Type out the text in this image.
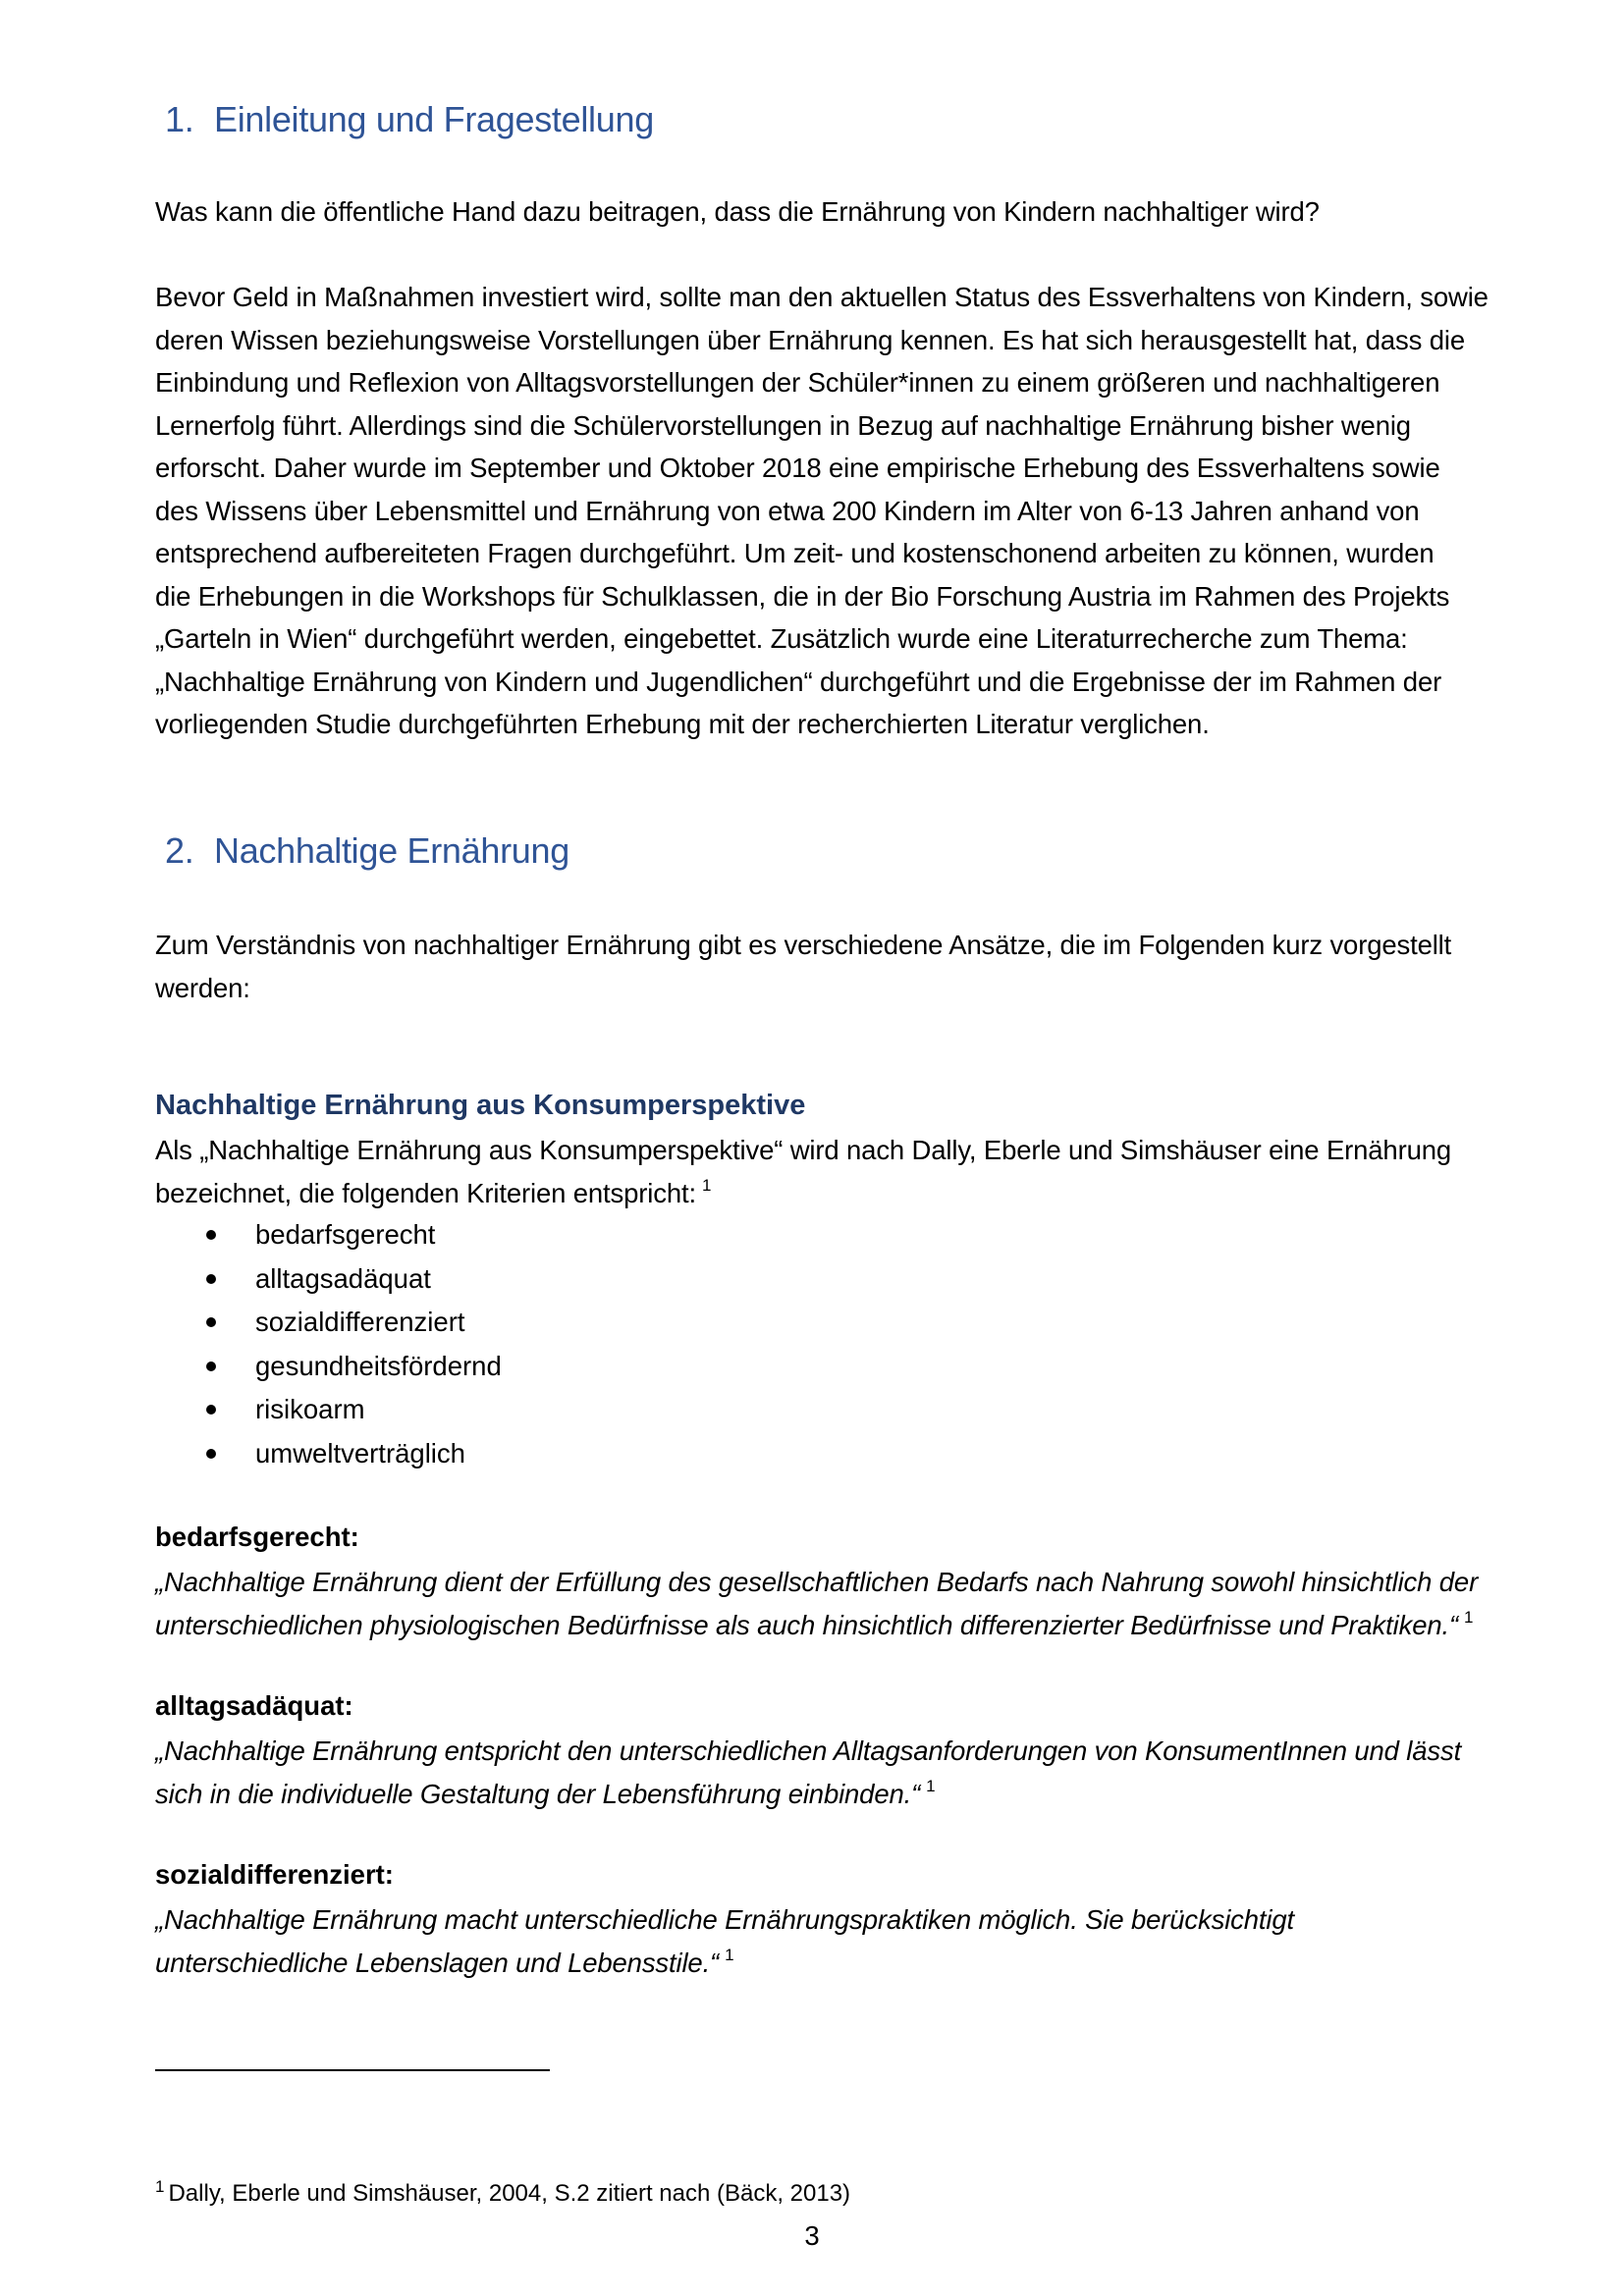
1. Einleitung und Fragestellung
Was kann die öffentliche Hand dazu beitragen, dass die Ernährung von Kindern nachhaltiger wird?
Bevor Geld in Maßnahmen investiert wird, sollte man den aktuellen Status des Essverhaltens von Kindern, sowie
deren Wissen beziehungsweise Vorstellungen über Ernährung kennen. Es hat sich herausgestellt hat, dass die
Einbindung und Reflexion von Alltagsvorstellungen der Schüler*innen zu einem größeren und nachhaltigeren
Lernerfolg führt. Allerdings sind die Schülervorstellungen in Bezug auf nachhaltige Ernährung bisher wenig
erforscht. Daher wurde im September und Oktober 2018 eine empirische Erhebung des Essverhaltens sowie
des Wissens über Lebensmittel und Ernährung von etwa 200 Kindern im Alter von 6-13 Jahren anhand von
entsprechend aufbereiteten Fragen durchgeführt. Um zeit- und kostenschonend arbeiten zu können, wurden
die Erhebungen in die Workshops für Schulklassen, die in der Bio Forschung Austria im Rahmen des Projekts
„Garteln in Wien“ durchgeführt werden, eingebettet. Zusätzlich wurde eine Literaturrecherche zum Thema:
„Nachhaltige Ernährung von Kindern und Jugendlichen“ durchgeführt und die Ergebnisse der im Rahmen der
vorliegenden Studie durchgeführten Erhebung mit der recherchierten Literatur verglichen.
2. Nachhaltige Ernährung
Zum Verständnis von nachhaltiger Ernährung gibt es verschiedene Ansätze, die im Folgenden kurz vorgestellt
werden:
Nachhaltige Ernährung aus Konsumperspektive
Als „Nachhaltige Ernährung aus Konsumperspektive“ wird nach Dally, Eberle und Simshäuser eine Ernährung
bezeichnet, die folgenden Kriterien entspricht: $^1$
bedarfsgerecht
alltagsadäquat
sozialdifferenziert
gesundheitsfördernd
risikoarm
umweltverträglich
bedarfsgerecht:
„Nachhaltige Ernährung dient der Erfüllung des gesellschaftlichen Bedarfs nach Nahrung sowohl hinsichtlich der
unterschiedlichen physiologischen Bedürfnisse als auch hinsichtlich differenzierter Bedürfnisse und Praktiken.“ $^1$
alltagsadäquat:
„Nachhaltige Ernährung entspricht den unterschiedlichen Alltagsanforderungen von KonsumentInnen und lässt
sich in die individuelle Gestaltung der Lebensführung einbinden.“ $^1$
sozialdifferenziert:
„Nachhaltige Ernährung macht unterschiedliche Ernährungspraktiken möglich. Sie berücksichtigt
unterschiedliche Lebenslagen und Lebensstile.“ $^1$
$^1$ Dally, Eberle und Simshäuser, 2004, S.2 zitiert nach (Bäck, 2013)
3
